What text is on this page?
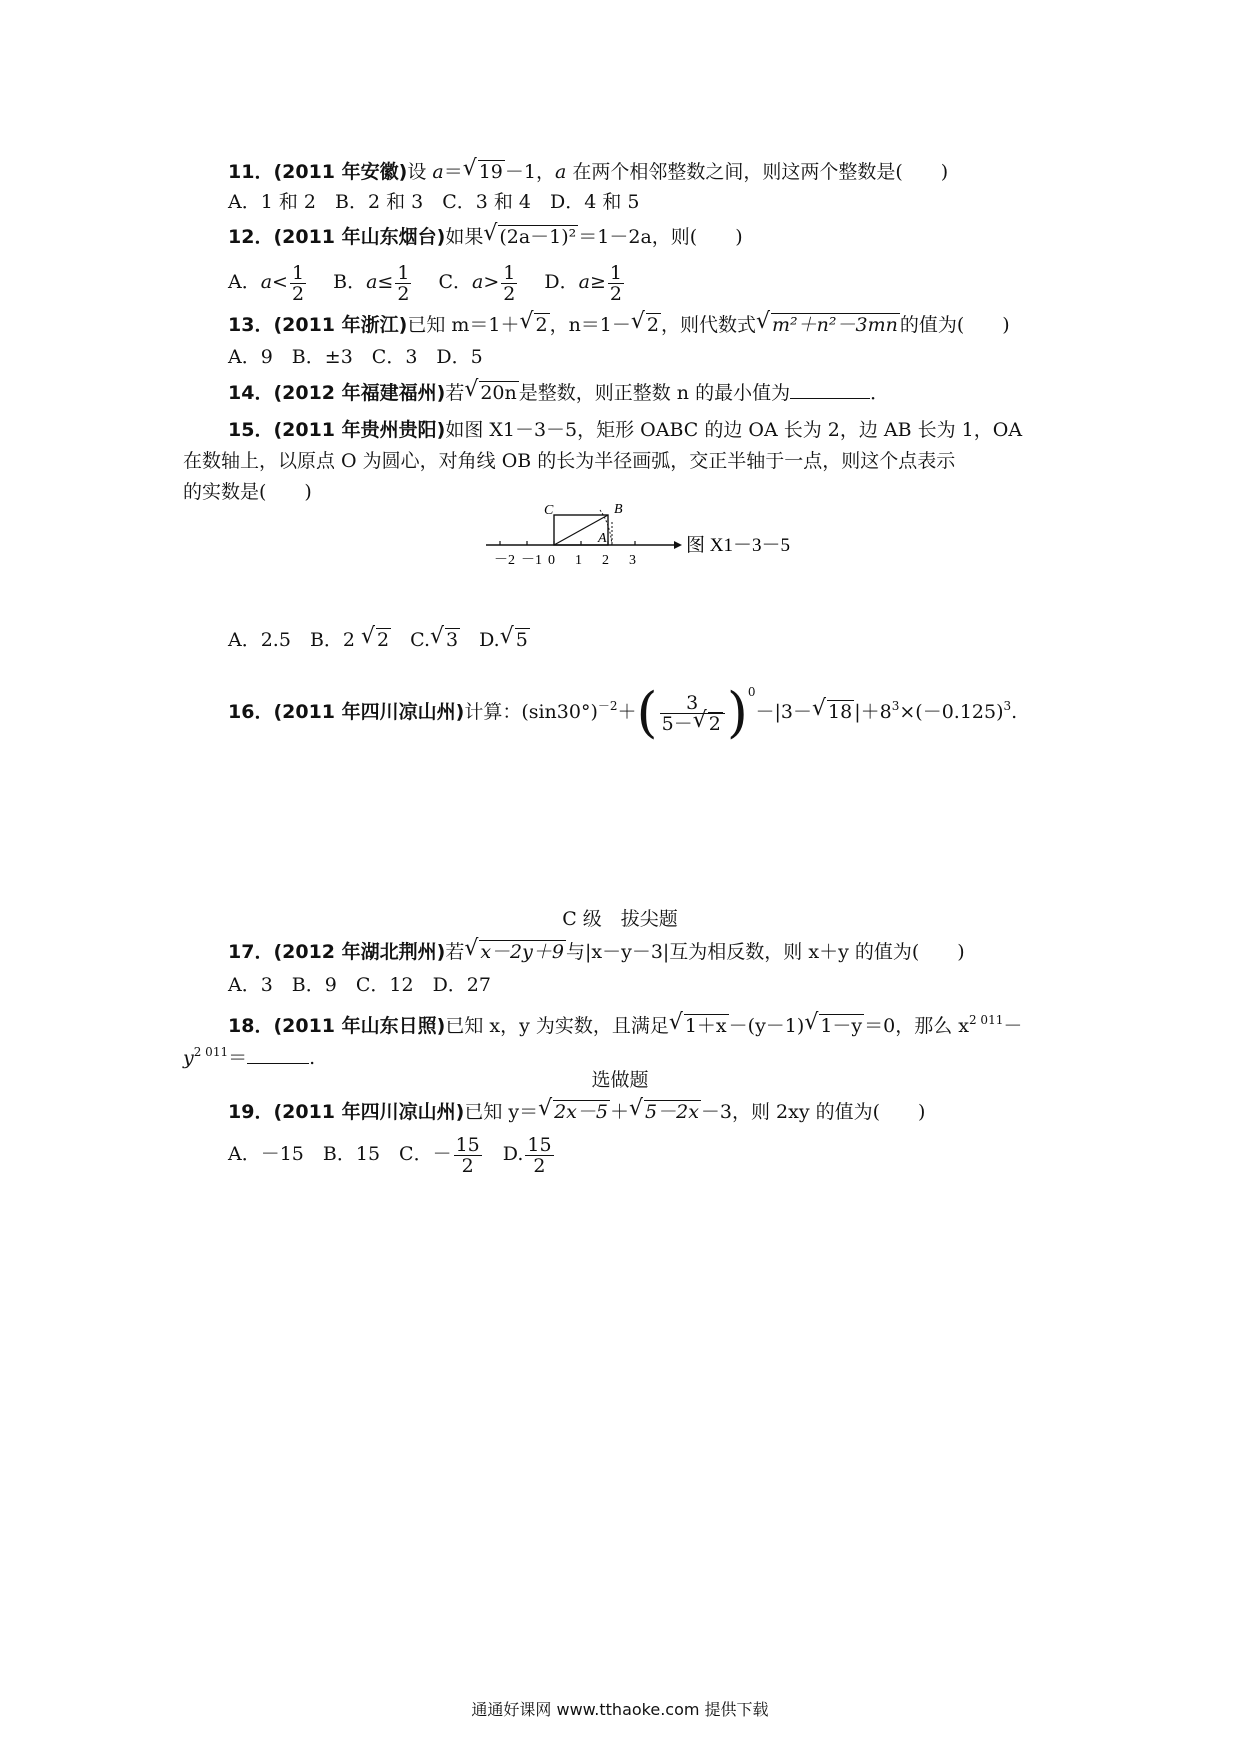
11．(2011 年安徽)设 a＝√ 19 －1，a 在两个相邻整数之间，则这两个整数是(　　)
A．1 和 2　B．2 和 3　C．3 和 4　D．4 和 5
12．(2011 年山东烟台)如果√ (2a－1)² ＝1－2a，则(　　)
A．$a< \frac{1}{2}$
　 B．$a\le \frac{1}{2}$
　 C．$a> \frac{1}{2}$
　 D．$a\ge \frac{1}{2}$
13．(2011 年浙江)已知 m＝1＋√ 2 ，n＝1－√ 2 ，则代数式√ m²＋n²－3mn 的值为(　　)
A．9　B．±3　C．3　D．5
14．(2012 年福建福州)若√ 20n 是整数，则正整数 n 的最小值为	．
15．(2011 年贵州贵阳)如图 X1－3－5，矩形 OABC 的边 OA 长为 2，边 AB 长为 1，OA
在数轴上，以原点 O 为圆心，对角线 OB 的长为半径画弧，交正半轴于一点，则这个点表示
的实数是(　　)
C	B
A
－2 －1 0 1 2 3
图 X1－3－5
A．2.5　B．2 √ 2　C.√ 3　D.√ 5
16．(2011 年四川凉山州)计算：$(\sin 30^\circ)^{-2}+( \frac{3}{5-√ 2} )^0-|3-√$ 18 $|+8^3\times(-0.125)^3$.
C 级　拔尖题
17．(2012 年湖北荆州)若√ x－2y＋9 与|x－y－3|互为相反数，则 x＋y 的值为(　　)
A．3　B．9　C．12　D．27
18．(2011 年山东日照)已知 x，y 为实数，且满足√ 1＋x －(y－1)√ 1－y ＝0，那么 $x^{2 011}-$
$y^{2 011}=$	.
选做题
19．(2011 年四川凉山州)已知 y＝√ 2x－5 ＋√ 5－2x －3，则 2xy 的值为(　　)
A．－15　B．15　C．－ $\frac{15}{2}$ 　D. $\frac{15}{2}$
通通好课网 www.tthaoke.com 提供下载
